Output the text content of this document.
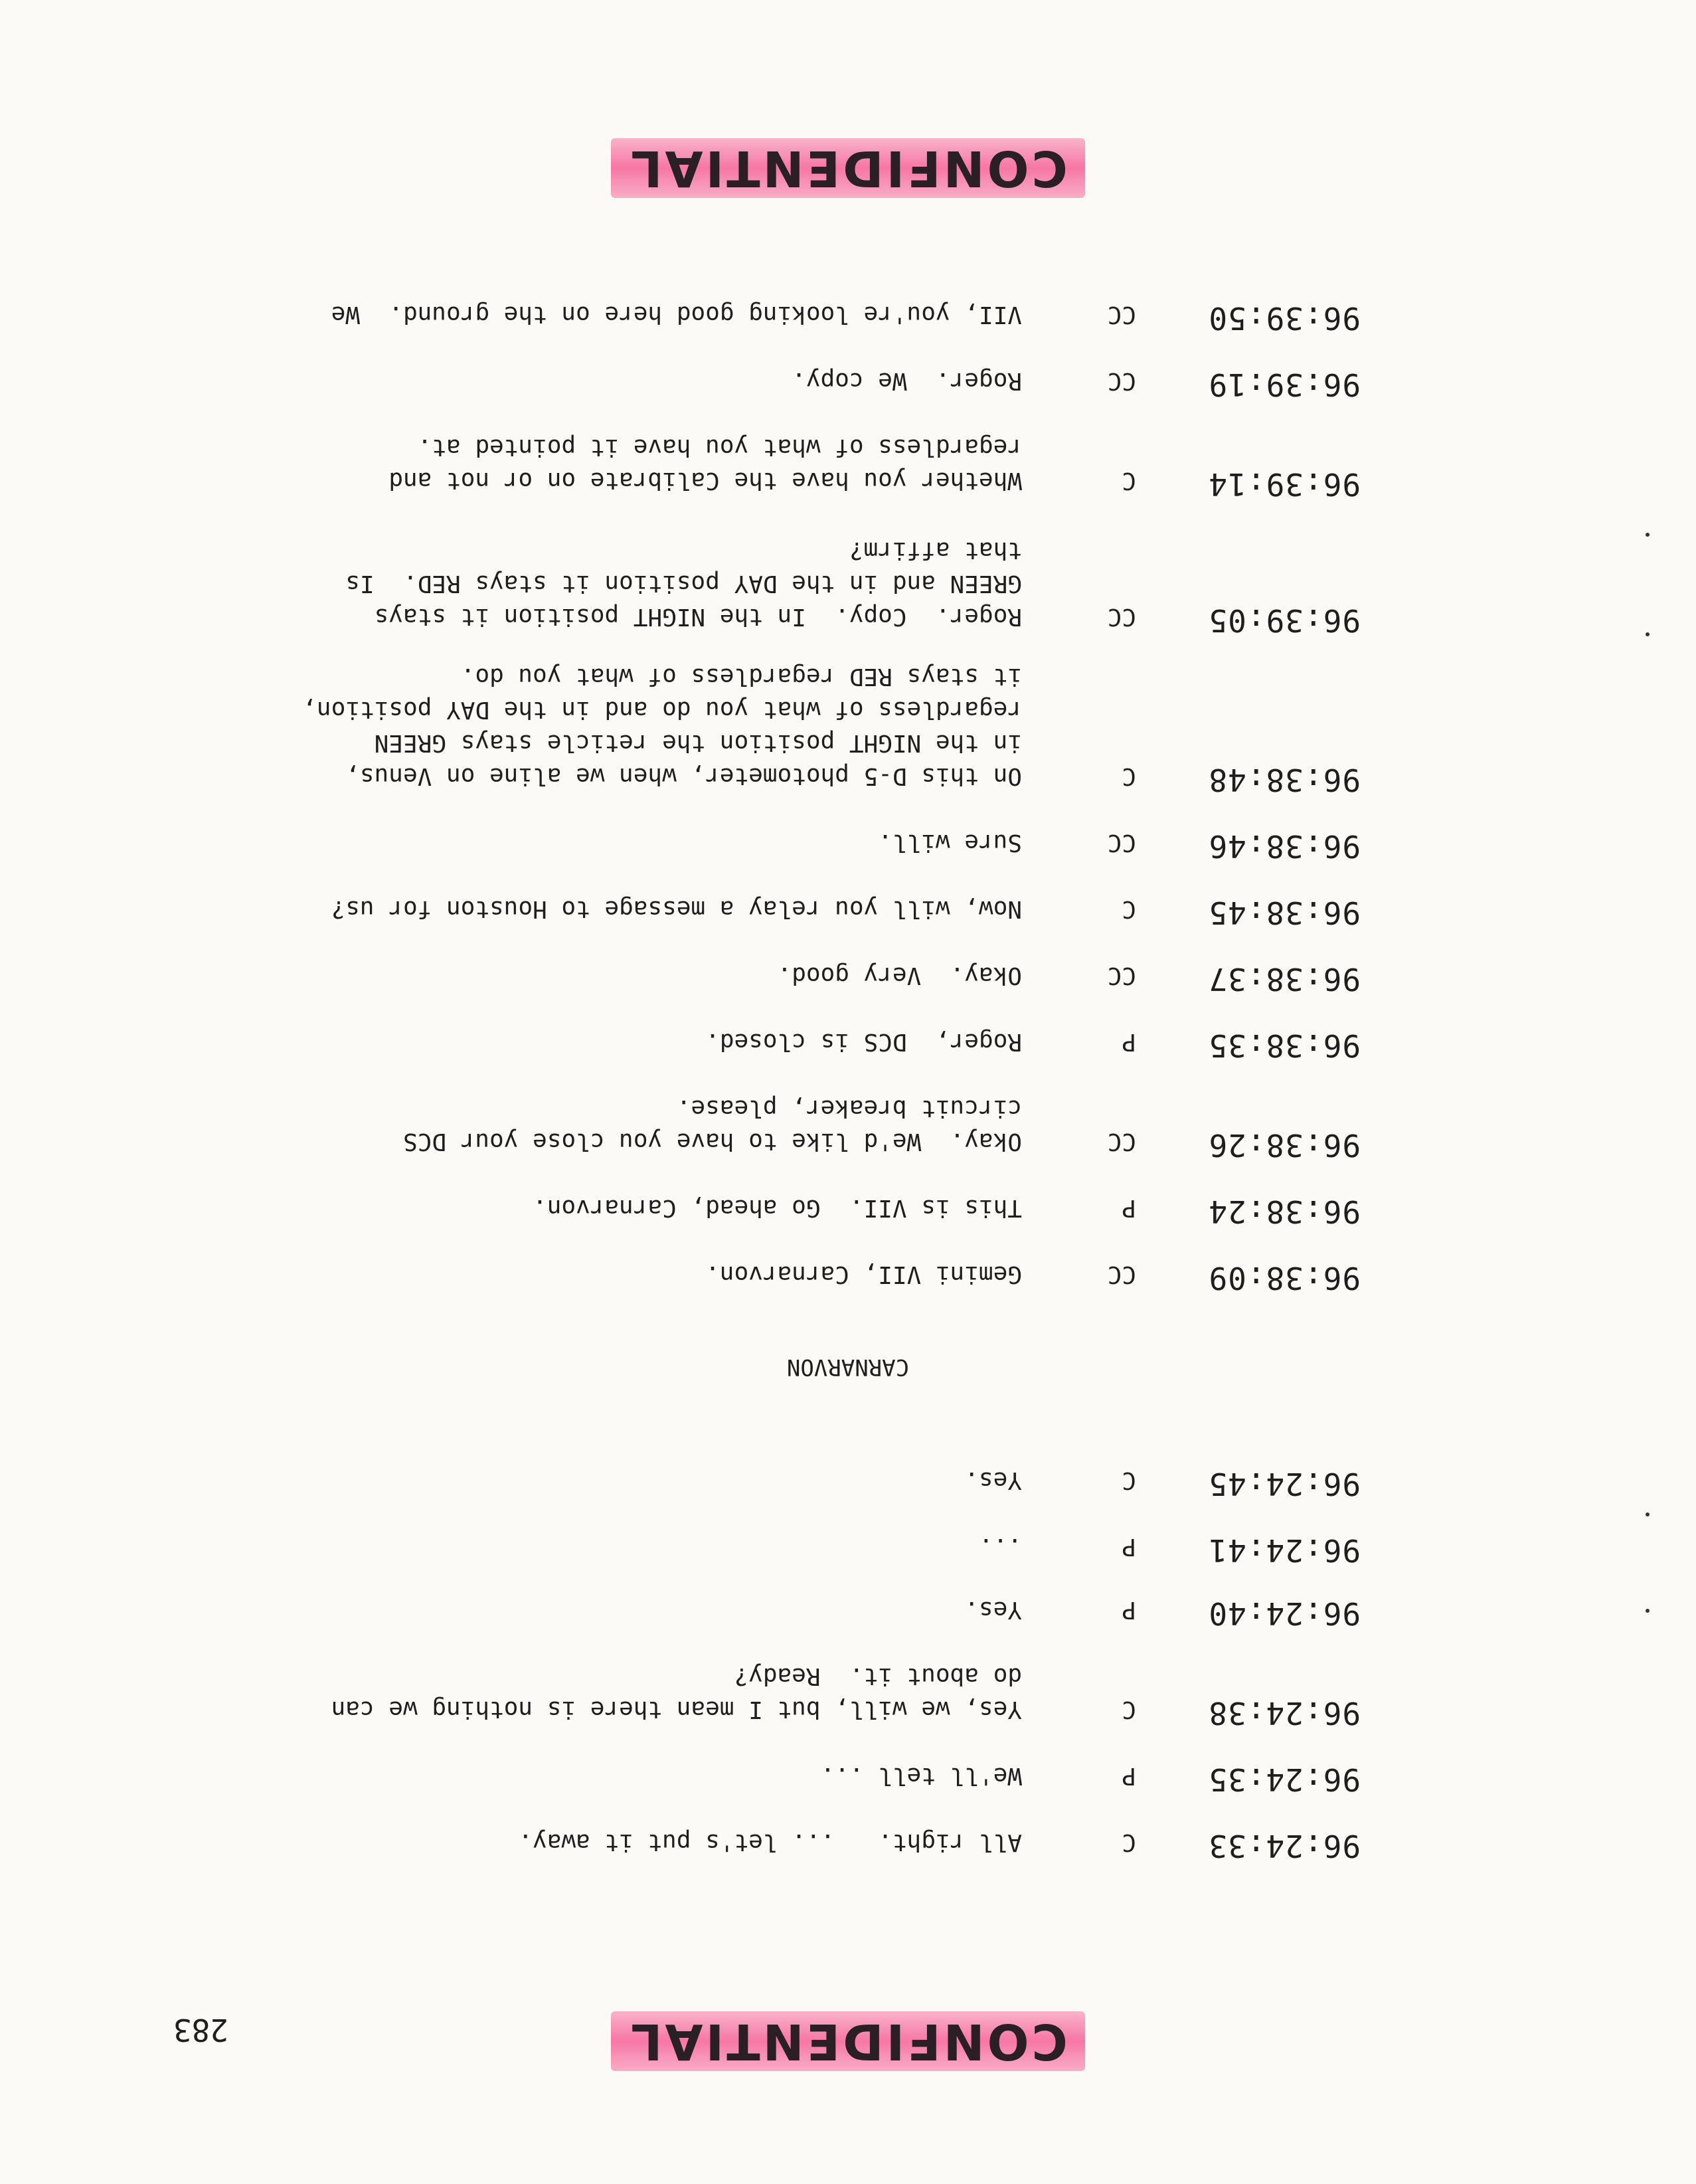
283	CONFIDENTIAL
96:24:33
C
All right.   ... let's put it away.
96:24:35
P
We'll tell ...
96:24:38
C
Yes, we will, but I mean there is nothing we can
do about it.  Ready?
96:24:40
P
Yes.
96:24:41
P
...
96:24:45
C
Yes.
CARNARVON
96:38:09
CC
Gemini VII, Carnarvon.
96:38:24
P
This is VII.  Go ahead, Carnarvon.
96:38:26
CC
Okay.  We'd like to have you close your DCS
circuit breaker, please.
96:38:35
P
Roger,  DCS is closed.
96:38:37
CC
Okay.  Very good.
96:38:45
C
Now, will you relay a message to Houston for us?
96:38:46
CC
Sure will.
96:38:48
C
On this D-5 photometer, when we aline on Venus,
in the NIGHT position the reticle stays GREEN
regardless of what you do and in the DAY position,
it stays RED regardless of what you do.
96:39:05
CC
Roger.  Copy.  In the NIGHT position it stays
GREEN and in the DAY position it stays RED.  Is
that affirm?
96:39:14
C
Whether you have the Calibrate on or not and
regardless of what you have it pointed at.
96:39:19
CC
Roger.  We copy.
96:39:50
CC
VII, you're looking good here on the ground.  We
CONFIDENTIAL
